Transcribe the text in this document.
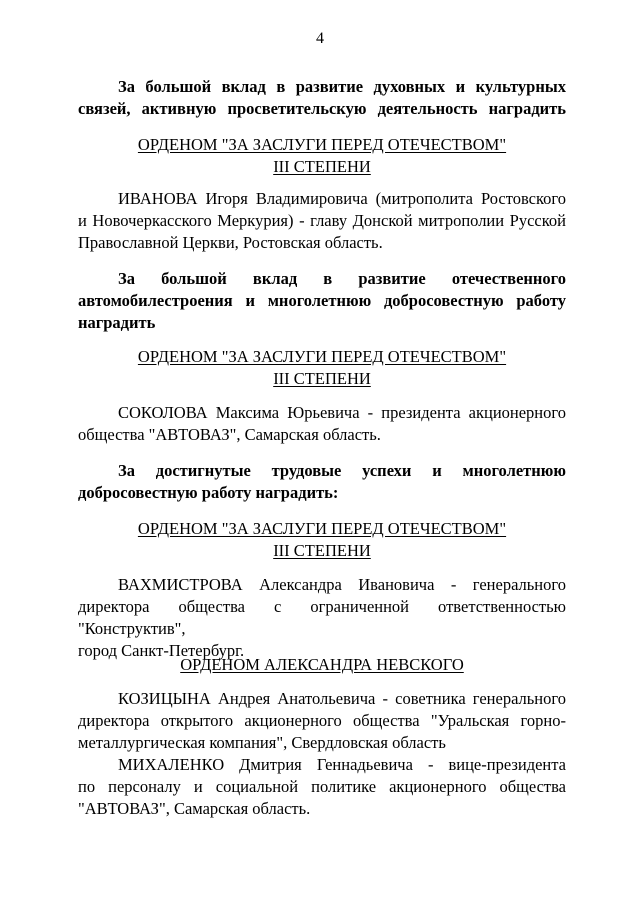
4
За большой вклад в развитие духовных и культурных
связей, активную просветительскую деятельность наградить
ОРДЕНОМ "ЗА ЗАСЛУГИ ПЕРЕД ОТЕЧЕСТВОМ"
III СТЕПЕНИ
ИВАНОВА Игоря Владимировича (митрополита Ростовского
и Новочеркасского Меркурия) - главу Донской митрополии Русской
Православной Церкви, Ростовская область.
За большой вклад в развитие отечественного
автомобилестроения и многолетнюю добросовестную работу
наградить
ОРДЕНОМ "ЗА ЗАСЛУГИ ПЕРЕД ОТЕЧЕСТВОМ"
III СТЕПЕНИ
СОКОЛОВА Максима Юрьевича - президента акционерного
общества "АВТОВАЗ", Самарская область.
За достигнутые трудовые успехи и многолетнюю
добросовестную работу наградить:
ОРДЕНОМ "ЗА ЗАСЛУГИ ПЕРЕД ОТЕЧЕСТВОМ"
III СТЕПЕНИ
ВАХМИСТРОВА Александра Ивановича - генерального
директора общества с ограниченной ответственностью "Конструктив",
город Санкт-Петербург.
ОРДЕНОМ АЛЕКСАНДРА НЕВСКОГО
КОЗИЦЫНА Андрея Анатольевича - советника генерального
директора открытого акционерного общества "Уральская горно-
металлургическая компания", Свердловская область
МИХАЛЕНКО Дмитрия Геннадьевича - вице-президента
по персоналу и социальной политике акционерного общества
"АВТОВАЗ", Самарская область.
